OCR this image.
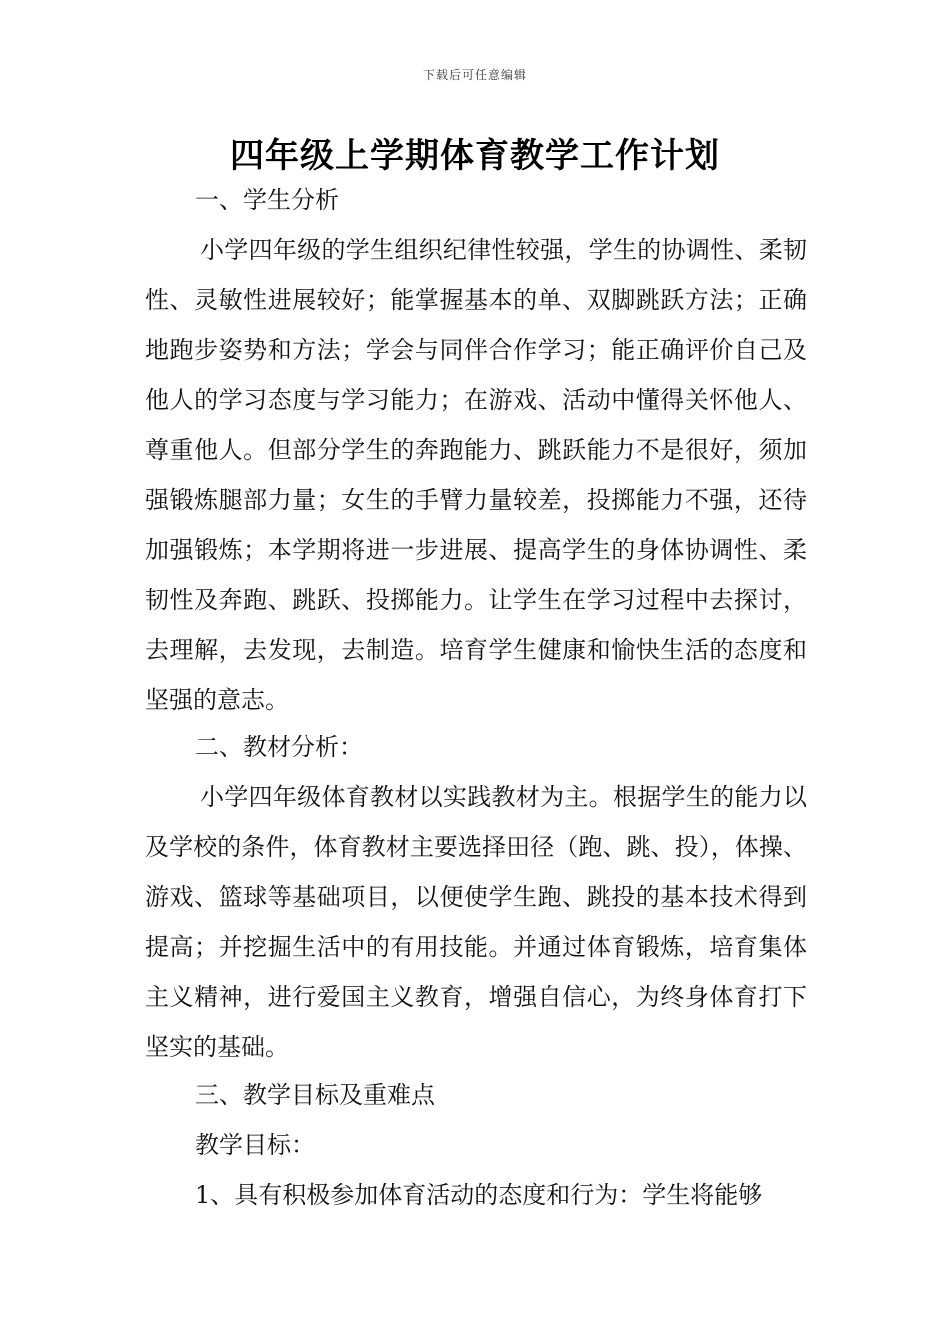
下载后可任意编辑
四年级上学期体育教学工作计划
一、学生分析
小学四年级的学生组织纪律性较强，学生的协调性、柔韧性、灵敏性进展较好；能掌握基本的单、双脚跳跃方法；正确地跑步姿势和方法；学会与同伴合作学习；能正确评价自己及他人的学习态度与学习能力；在游戏、活动中懂得关怀他人、尊重他人。但部分学生的奔跑能力、跳跃能力不是很好，须加强锻炼腿部力量；女生的手臂力量较差，投掷能力不强，还待加强锻炼；本学期将进一步进展、提高学生的身体协调性、柔韧性及奔跑、跳跃、投掷能力。让学生在学习过程中去探讨，去理解，去发现，去制造。培育学生健康和愉快生活的态度和坚强的意志。
二、教材分析：
小学四年级体育教材以实践教材为主。根据学生的能力以及学校的条件，体育教材主要选择田径（跑、跳、投），体操、游戏、篮球等基础项目，以便使学生跑、跳投的基本技术得到提高；并挖掘生活中的有用技能。并通过体育锻炼，培育集体主义精神，进行爱国主义教育，增强自信心，为终身体育打下坚实的基础。
三、教学目标及重难点
教学目标：
1、具有积极参加体育活动的态度和行为：学生将能够
